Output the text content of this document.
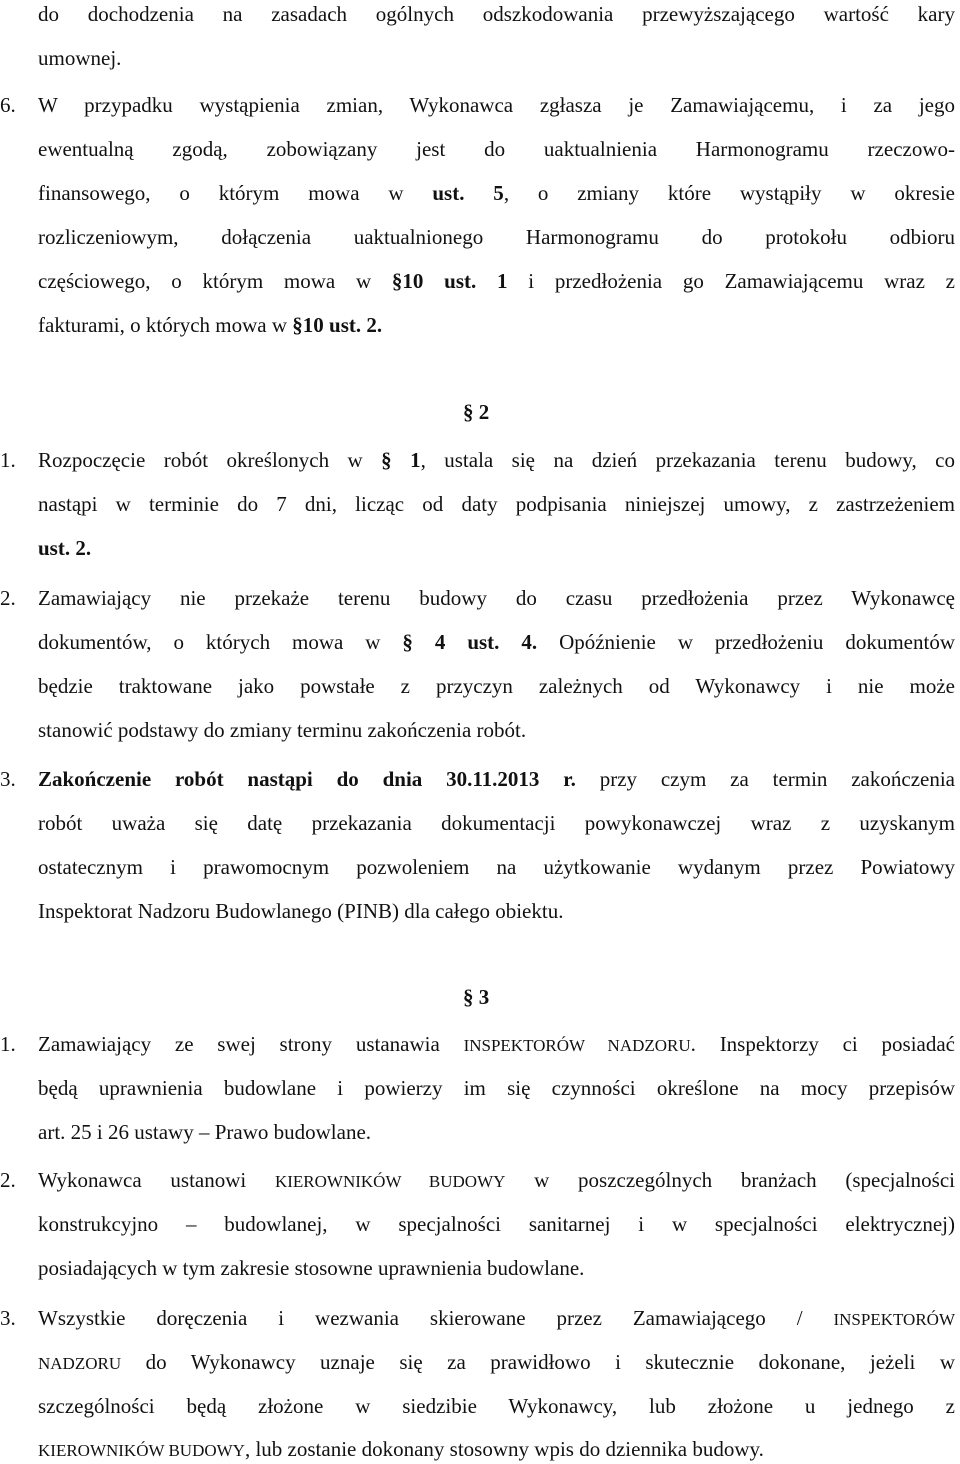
do dochodzenia na zasadach ogólnych odszkodowania przewyższającego wartość kary
umownej.
6.	W przypadku wystąpienia zmian, Wykonawca zgłasza je Zamawiającemu, i za jego
ewentualną zgodą, zobowiązany jest do uaktualnienia Harmonogramu rzeczowo-
finansowego, o którym mowa w ust. 5, o zmiany które wystąpiły w okresie
rozliczeniowym, dołączenia uaktualnionego Harmonogramu do protokołu odbioru
częściowego, o którym mowa w §10 ust. 1 i przedłożenia go Zamawiającemu wraz z
fakturami, o których mowa w §10 ust. 2.
§ 2
1.	Rozpoczęcie robót określonych w § 1, ustala się na dzień przekazania terenu budowy, co
nastąpi w terminie do 7 dni, licząc od daty podpisania niniejszej umowy, z zastrzeżeniem
ust. 2.
2.	Zamawiający nie przekaże terenu budowy do czasu przedłożenia przez Wykonawcę
dokumentów, o których mowa w § 4 ust. 4. Opóźnienie w przedłożeniu dokumentów
będzie traktowane jako powstałe z przyczyn zależnych od Wykonawcy i nie może
stanowić podstawy do zmiany terminu zakończenia robót.
3.	Zakończenie robót nastąpi do dnia 30.11.2013 r. przy czym za termin zakończenia
robót uważa się datę przekazania dokumentacji powykonawczej wraz z uzyskanym
ostatecznym i prawomocnym pozwoleniem na użytkowanie wydanym przez Powiatowy
Inspektorat Nadzoru Budowlanego (PINB) dla całego obiektu.
§ 3
1.	Zamawiający ze swej strony ustanawia INSPEKTORÓW NADZORU. Inspektorzy ci posiadać
będą uprawnienia budowlane i powierzy im się czynności określone na mocy przepisów
art. 25 i 26 ustawy – Prawo budowlane.
2.	Wykonawca ustanowi KIEROWNIKÓW BUDOWY w poszczególnych branżach (specjalności
konstrukcyjno – budowlanej, w specjalności sanitarnej i w specjalności elektrycznej)
posiadających w tym zakresie stosowne uprawnienia budowlane.
3.	Wszystkie doręczenia i wezwania skierowane przez Zamawiającego / INSPEKTORÓW
NADZORU do Wykonawcy uznaje się za prawidłowo i skutecznie dokonane, jeżeli w
szczególności będą złożone w siedzibie Wykonawcy, lub złożone u jednego z
KIEROWNIKÓW BUDOWY, lub zostanie dokonany stosowny wpis do dziennika budowy.
